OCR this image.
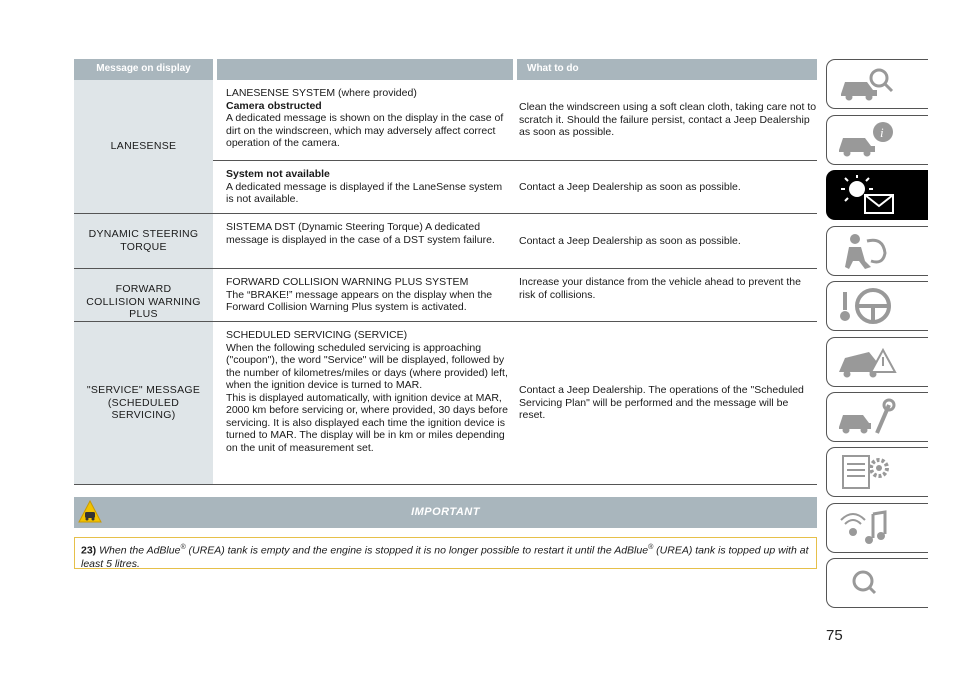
Message on display	What to do
LANESENSE
LANESENSE SYSTEM (where provided)
Camera obstructed
A dedicated message is shown on the display in the case of dirt on the windscreen, which may adversely affect correct operation of the camera.
Clean the windscreen using a soft clean cloth, taking care not to scratch it. Should the failure persist, contact a Jeep Dealership as soon as possible.
System not available
A dedicated message is displayed if the LaneSense system is not available.
Contact a Jeep Dealership as soon as possible.
DYNAMIC STEERING TORQUE
SISTEMA DST (Dynamic Steering Torque) A dedicated message is displayed in the case of a DST system failure.	Contact a Jeep Dealership as soon as possible.
FORWARD COLLISION WARNING PLUS
FORWARD COLLISION WARNING PLUS SYSTEM
The “BRAKE!” message appears on the display when the Forward Collision Warning Plus system is activated.
Increase your distance from the vehicle ahead to prevent the risk of collisions.
"SERVICE" MESSAGE (SCHEDULED SERVICING)
SCHEDULED SERVICING (SERVICE)
When the following scheduled servicing is approaching ("coupon"), the word "Service" will be displayed, followed by the number of kilometres/miles or days (where provided) left, when the ignition device is turned to MAR.
This is displayed automatically, with ignition device at MAR, 2000 km before servicing or, where provided, 30 days before servicing. It is also displayed each time the ignition device is turned to MAR. The display will be in km or miles depending on the unit of measurement set.
Contact a Jeep Dealership. The operations of the "Scheduled Servicing Plan" will be performed and the message will be reset.
IMPORTANT
23) When the AdBlue® (UREA) tank is empty and the engine is stopped it is no longer possible to restart it until the AdBlue® (UREA) tank is topped up with at least 5 litres.
i
75
